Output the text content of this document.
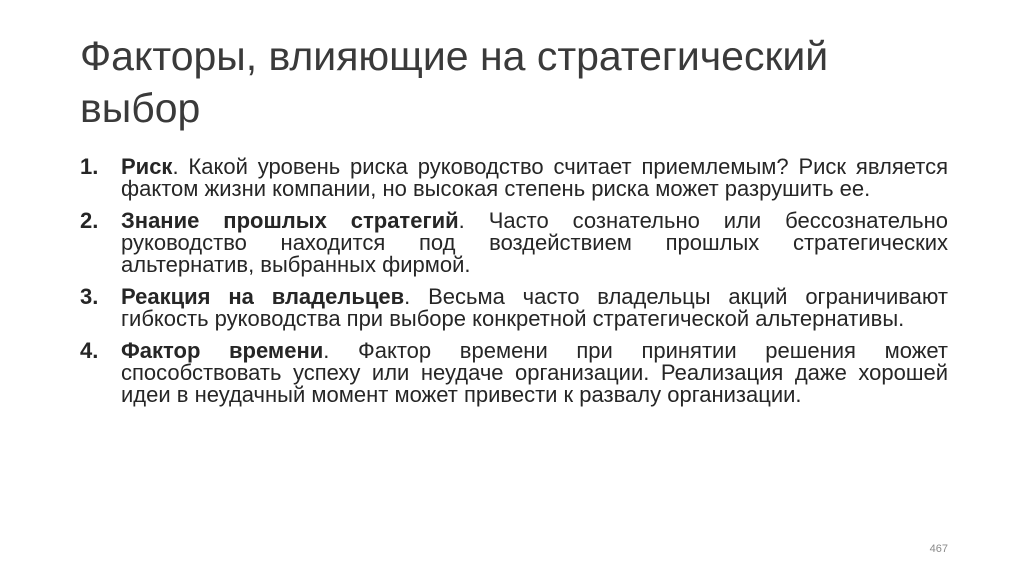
Факторы, влияющие на стратегический выбор
1.	Риск. Какой уровень риска руководство считает приемлемым? Риск является фактом жизни компании, но высокая степень риска может разрушить ее.
2.	Знание прошлых стратегий. Часто сознательно или бессознательно руководство находится под воздействием прошлых стратегических альтернатив, выбранных фирмой.
3.	Реакция на владельцев. Весьма часто владельцы акций ограничивают гибкость руководства при выборе конкретной стратегической альтернативы.
4.	Фактор времени. Фактор времени при принятии решения может способствовать успеху или неудаче организации. Реализация даже хорошей идеи в неудачный момент может привести к развалу организации.
467
